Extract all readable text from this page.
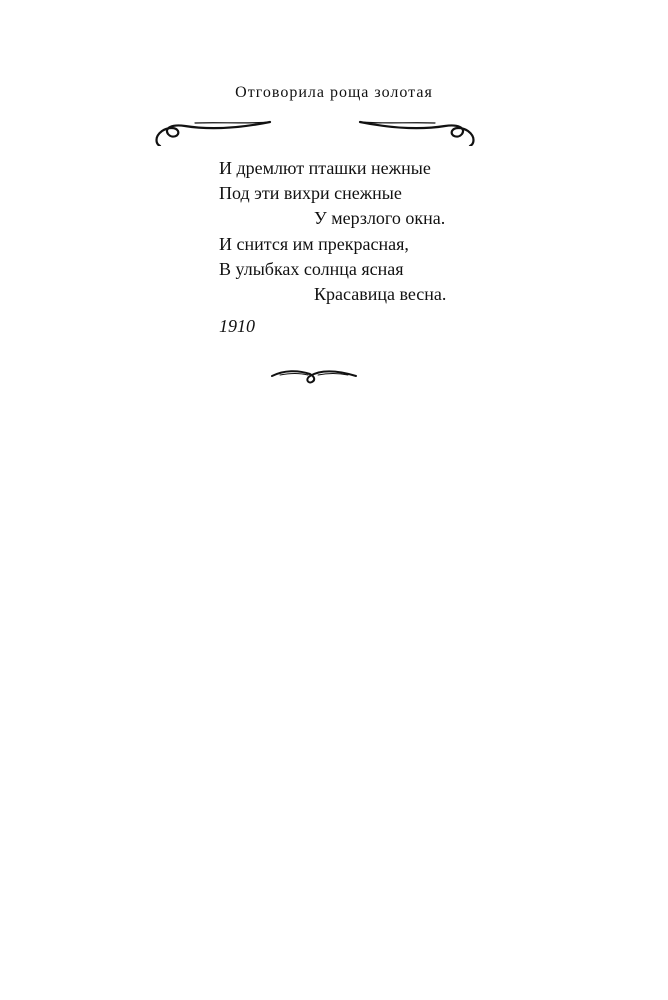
Отговорила роща золотая
И дремлют пташки нежные
Под эти вихри снежные
У мерзлого окна.
И снится им прекрасная,
В улыбках солнца ясная
Красавица весна.
1910
